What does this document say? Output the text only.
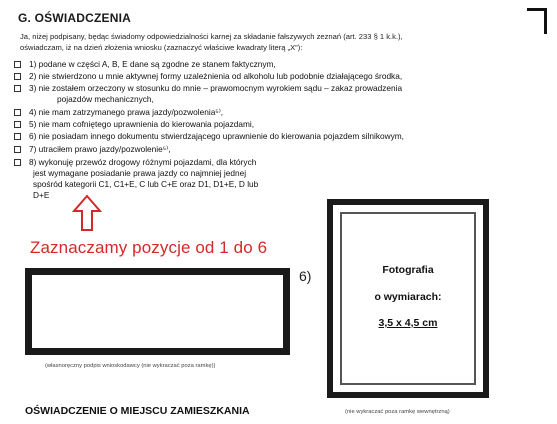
G. OŚWIADCZENIA
Ja, niżej podpisany, będąc świadomy odpowiedzialności karnej za składanie fałszywych zeznań (art. 233 § 1 k.k.),
oświadczam, iż na dzień złożenia wniosku (zaznaczyć właściwe kwadraty literą „X”):
1) podane w części A, B, E dane są zgodne ze stanem faktycznym,
2) nie stwierdzono u mnie aktywnej formy uzależnienia od alkoholu lub podobnie działającego środka,
3) nie zostałem orzeczony w stosunku do mnie – prawomocnym wyrokiem sądu – zakaz prowadzenia
pojazdów mechanicznych,
4) nie mam zatrzymanego prawa jazdy/pozwolenia⁵⁾,
5) nie mam cofniętego uprawnienia do kierowania pojazdami,
6) nie posiadam innego dokumentu stwierdzającego uprawnienie do kierowania pojazdem silnikowym,
7) utraciłem prawo jazdy/pozwolenie⁵⁾,
8) wykonuję przewóz drogowy różnymi pojazdami, dla których
jest wymagane posiadanie prawa jazdy co najmniej jednej
spośród kategorii C1, C1+E, C lub C+E oraz D1, D1+E, D lub
D+E
Zaznaczamy pozycje od 1 do 6
6)
(własnoręczny podpis wnioskodawcy (nie wykraczać poza ramkę))
Fotografia
o wymiarach:
3,5 x 4,5 cm
(nie wykraczać poza ramkę wewnętrzną)
OŚWIADCZENIE O MIEJSCU ZAMIESZKANIA
